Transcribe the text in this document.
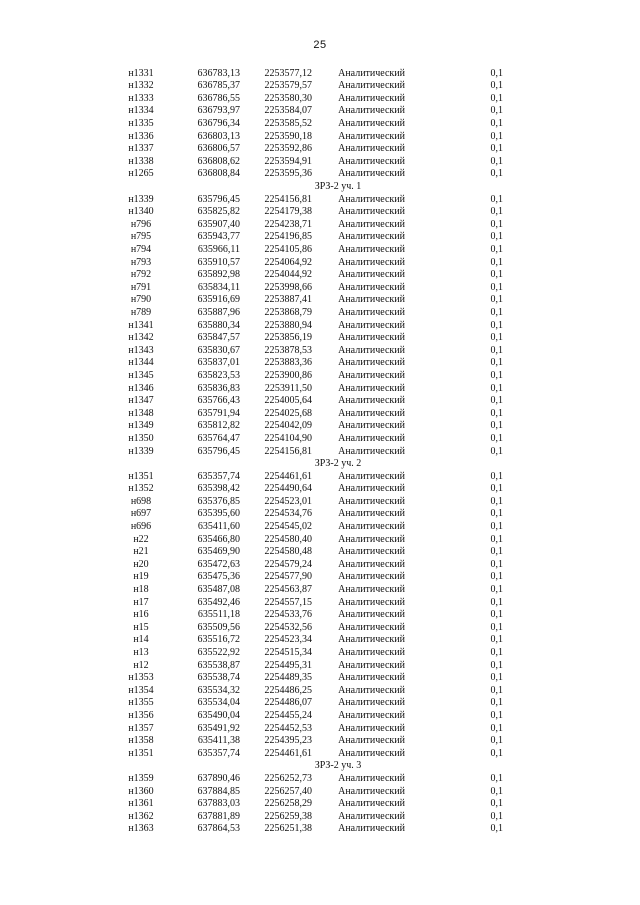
25
н1331	636783,13	2253577,12	Аналитический	0,1
н1332	636785,37	2253579,57	Аналитический	0,1
н1333	636786,55	2253580,30	Аналитический	0,1
н1334	636793,97	2253584,07	Аналитический	0,1
н1335	636796,34	2253585,52	Аналитический	0,1
н1336	636803,13	2253590,18	Аналитический	0,1
н1337	636806,57	2253592,86	Аналитический	0,1
н1338	636808,62	2253594,91	Аналитический	0,1
н1265	636808,84	2253595,36	Аналитический	0,1
ЗРЗ-2 уч. 1				
н1339	635796,45	2254156,81	Аналитический	0,1
н1340	635825,82	2254179,38	Аналитический	0,1
н796	635907,40	2254238,71	Аналитический	0,1
н795	635943,77	2254196,85	Аналитический	0,1
н794	635966,11	2254105,86	Аналитический	0,1
н793	635910,57	2254064,92	Аналитический	0,1
н792	635892,98	2254044,92	Аналитический	0,1
н791	635834,11	2253998,66	Аналитический	0,1
н790	635916,69	2253887,41	Аналитический	0,1
н789	635887,96	2253868,79	Аналитический	0,1
н1341	635880,34	2253880,94	Аналитический	0,1
н1342	635847,57	2253856,19	Аналитический	0,1
н1343	635830,67	2253878,53	Аналитический	0,1
н1344	635837,01	2253883,36	Аналитический	0,1
н1345	635823,53	2253900,86	Аналитический	0,1
н1346	635836,83	2253911,50	Аналитический	0,1
н1347	635766,43	2254005,64	Аналитический	0,1
н1348	635791,94	2254025,68	Аналитический	0,1
н1349	635812,82	2254042,09	Аналитический	0,1
н1350	635764,47	2254104,90	Аналитический	0,1
н1339	635796,45	2254156,81	Аналитический	0,1
ЗРЗ-2 уч. 2				
н1351	635357,74	2254461,61	Аналитический	0,1
н1352	635398,42	2254490,64	Аналитический	0,1
н698	635376,85	2254523,01	Аналитический	0,1
н697	635395,60	2254534,76	Аналитический	0,1
н696	635411,60	2254545,02	Аналитический	0,1
н22	635466,80	2254580,40	Аналитический	0,1
н21	635469,90	2254580,48	Аналитический	0,1
н20	635472,63	2254579,24	Аналитический	0,1
н19	635475,36	2254577,90	Аналитический	0,1
н18	635487,08	2254563,87	Аналитический	0,1
н17	635492,46	2254557,15	Аналитический	0,1
н16	635511,18	2254533,76	Аналитический	0,1
н15	635509,56	2254532,56	Аналитический	0,1
н14	635516,72	2254523,34	Аналитический	0,1
н13	635522,92	2254515,34	Аналитический	0,1
н12	635538,87	2254495,31	Аналитический	0,1
н1353	635538,74	2254489,35	Аналитический	0,1
н1354	635534,32	2254486,25	Аналитический	0,1
н1355	635534,04	2254486,07	Аналитический	0,1
н1356	635490,04	2254455,24	Аналитический	0,1
н1357	635491,92	2254452,53	Аналитический	0,1
н1358	635411,38	2254395,23	Аналитический	0,1
н1351	635357,74	2254461,61	Аналитический	0,1
ЗРЗ-2 уч. 3				
н1359	637890,46	2256252,73	Аналитический	0,1
н1360	637884,85	2256257,40	Аналитический	0,1
н1361	637883,03	2256258,29	Аналитический	0,1
н1362	637881,89	2256259,38	Аналитический	0,1
н1363	637864,53	2256251,38	Аналитический	0,1
